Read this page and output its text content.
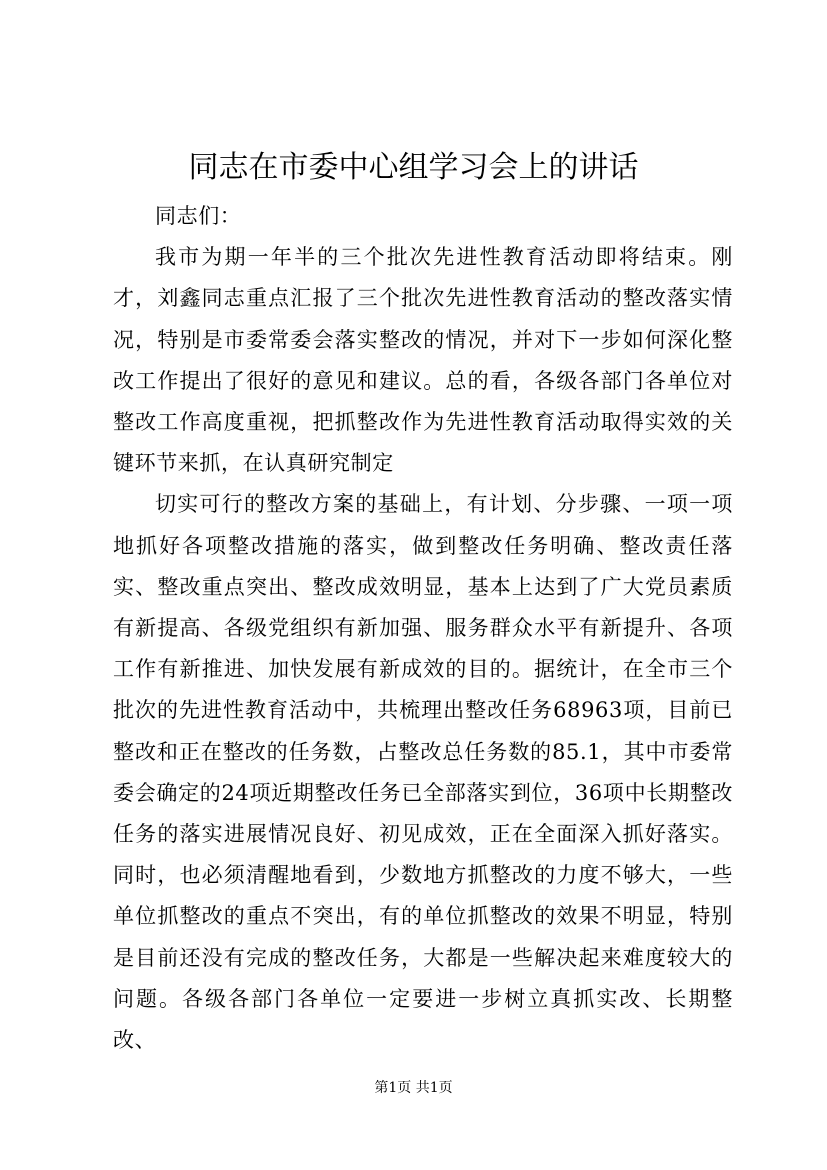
同志在市委中心组学习会上的讲话

同志们：

我市为期一年半的三个批次先进性教育活动即将结束。刚才，刘鑫同志重点汇报了三个批次先进性教育活动的整改落实情况，特别是市委常委会落实整改的情况，并对下一步如何深化整改工作提出了很好的意见和建议。总的看，各级各部门各单位对整改工作高度重视，把抓整改作为先进性教育活动取得实效的关键环节来抓，在认真研究制定

切实可行的整改方案的基础上，有计划、分步骤、一项一项地抓好各项整改措施的落实，做到整改任务明确、整改责任落实、整改重点突出、整改成效明显，基本上达到了广大党员素质有新提高、各级党组织有新加强、服务群众水平有新提升、各项工作有新推进、加快发展有新成效的目的。据统计，在全市三个批次的先进性教育活动中，共梳理出整改任务68963项，目前已整改和正在整改的任务数，占整改总任务数的85.1，其中市委常委会确定的24项近期整改任务已全部落实到位，36项中长期整改任务的落实进展情况良好、初见成效，正在全面深入抓好落实。同时，也必须清醒地看到，少数地方抓整改的力度不够大，一些单位抓整改的重点不突出，有的单位抓整改的效果不明显，特别是目前还没有完成的整改任务，大都是一些解决起来难度较大的问题。各级各部门各单位一定要进一步树立真抓实改、长期整改、

第1页 共1页
